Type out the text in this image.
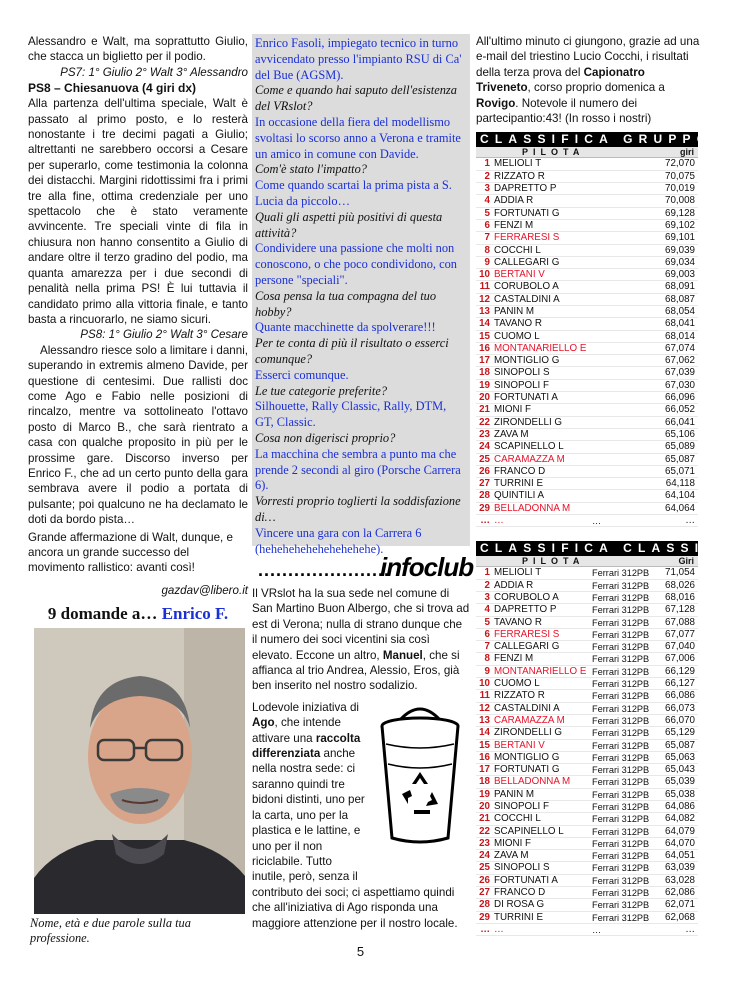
Alessandro e Walt, ma soprattutto Giulio, che stacca un biglietto per il podio.

PS7: 1° Giulio 2° Walt 3° Alessandro

PS8 – Chiesanuova (4 giri dx)

Alla partenza dell'ultima speciale, Walt è passato al primo posto, e lo resterà nonostante i tre decimi pagati a Giulio; altrettanti ne sarebbero occorsi a Cesare per superarlo, come testimonia la colonna dei distacchi. Margini ridottissimi fra i primi tre alla fine, ottima credenziale per uno spettacolo che è stato veramente avvincente. Tre speciali vinte di fila in chiusura non hanno consentito a Giulio di andare oltre il terzo gradino del podio, ma quanta amarezza per i due secondi di penalità nella prima PS! È lui tuttavia il candidato primo alla vittoria finale, e tanto basta a rincuorarlo, ne siamo sicuri.

PS8: 1° Giulio 2° Walt 3° Cesare

Alessandro riesce solo a limitare i danni, superando in extremis almeno Davide, per questione di centesimi. Due rallisti doc come Ago e Fabio nelle posizioni di rincalzo, mentre va sottolineato l'ottavo posto di Marco B., che sarà rientrato a casa con qualche proposito in più per le prossime gare. Discorso inverso per Enrico F., che ad un certo punto della gara sembrava avere il podio a portata di pulsante; poi qualcuno ne ha declamato le doti da bordo pista…

Grande affermazione di Walt, dunque, e ancora un grande successo del movimento rallistico: avanti così!

gazdav@libero.it

9 domande a… Enrico F.

Nome, età e due parole sulla tua professione.

Enrico Fasoli, impiegato tecnico in turno avvicendato presso l'impianto RSU di Ca' del Bue (AGSM).

Come e quando hai saputo dell'esistenza del VRslot?

In occasione della fiera del modellismo svoltasi lo scorso anno a Verona e tramite un amico in comune con Davide.

Com'è stato l'impatto?

Come quando scartai la prima pista a S. Lucia da piccolo…

Quali gli aspetti più positivi di questa attività?

Condividere una passione che molti non conoscono, o che poco condividono, con persone "speciali".

Cosa pensa la tua compagna del tuo hobby?

Quante macchinette da spolverare!!!

Per te conta di più il risultato o esserci comunque?

Esserci comunque.

Le tue categorie preferite?

Silhouette, Rally Classic, Rally, DTM, GT, Classic.

Cosa non digerisci proprio?

La macchina che sembra a punto ma che prende 2 secondi al giro (Porsche Carrera 6).

Vorresti proprio toglierti la soddisfazione di…

Vincere una gara con la Carrera 6 (hehehehehehehehehehe).

......................
infoclub

Il VRslot ha la sua sede nel comune di San Martino Buon Albergo, che si trova ad est di Verona; nulla di strano dunque che il numero dei soci vicentini sia così elevato. Eccone un altro, Manuel, che si affianca al trio Andrea, Alessio, Eros, già ben inserito nel nostro sodalizio.

Lodevole iniziativa di Ago, che intende attivare una raccolta differenziata anche nella nostra sede: ci saranno quindi tre bidoni distinti, uno per la carta, uno per la plastica e le lattine, e uno per il non riciclabile. Tutto inutile, però, senza il

contributo dei soci; ci aspettiamo quindi che all'iniziativa di Ago risponda una maggiore attenzione per il nostro locale.

All'ultimo minuto ci giungono, grazie ad una e-mail del triestino Lucio Cocchi, i risultati della terza prova del Capionatro Triveneto, corso proprio domenica a Rovigo. Notevole il numero dei partecipantio:43! (In rosso i nostri)

CLASSIFICA GRUPPO C
PILOTA	giri
1 MELIOLI T	72,070
2 RIZZATO R	70,075
3 DAPRETTO P	70,019
4 ADDIA R	70,008
5 FORTUNATI G	69,128
6 FENZI M	69,102
7 FERRARESI S	69,101
8 COCCHI L	69,039
9 CALLEGARI G	69,034
10 BERTANI V	69,003
11 CORUBOLO A	68,091
12 CASTALDINI A	68,087
13 PANIN M	68,054
14 TAVANO R	68,041
15 CUOMO L	68,014
16 MONTANARIELLO E	67,074
17 MONTIGLIO G	67,062
18 SINOPOLI S	67,039
19 SINOPOLI F	67,030
20 FORTUNATI A	66,096
21 MIONI F	66,052
22 ZIRONDELLI G	66,041
23 ZAVA M	65,106
24 SCAPINELLO L	65,089
25 CARAMAZZA M	65,087
26 FRANCO D	65,071
27 TURRINI E	64,118
28 QUINTILI A	64,104
29 BELLADONNA M	64,064
… …	…	…
CLASSIFICA CLASSIC
PILOTA	Giri
1 MELIOLI T	Ferrari 312PB 71,054
2 ADDIA R	Ferrari 312PB 68,026
3 CORUBOLO A	Ferrari 312PB 68,016
4 DAPRETTO P	Ferrari 312PB 67,128
5 TAVANO R	Ferrari 312PB 67,088
6 FERRARESI S	Ferrari 312PB 67,077
7 CALLEGARI G	Ferrari 312PB 67,040
8 FENZI M	Ferrari 312PB 67,006
9 MONTANARIELLO E Ferrari 312PB 66,129
10 CUOMO L	Ferrari 312PB 66,127
11 RIZZATO R	Ferrari 312PB 66,086
12 CASTALDINI A	Ferrari 312PB 66,073
13 CARAMAZZA M	Ferrari 312PB 66,070
14 ZIRONDELLI G	Ferrari 312PB 65,129
15 BERTANI V	Ferrari 312PB 65,087
16 MONTIGLIO G	Ferrari 312PB 65,063
17 FORTUNATI G	Ferrari 312PB 65,043
18 BELLADONNA M Ferrari 312PB 65,039
19 PANIN M	Ferrari 312PB 65,038
20 SINOPOLI F	Ferrari 312PB 64,086
21 COCCHI L	Ferrari 312PB 64,082
22 SCAPINELLO L	Ferrari 312PB 64,079
23 MIONI F	Ferrari 312PB 64,070
24 ZAVA M	Ferrari 312PB 64,051
25 SINOPOLI S	Ferrari 312PB 63,039
26 FORTUNATI A	Ferrari 312PB 63,028
27 FRANCO D	Ferrari 312PB 62,086
28 DI ROSA G	Ferrari 312PB 62,071
29 TURRINI E	Ferrari 312PB 62,068
… …	…	…
5
